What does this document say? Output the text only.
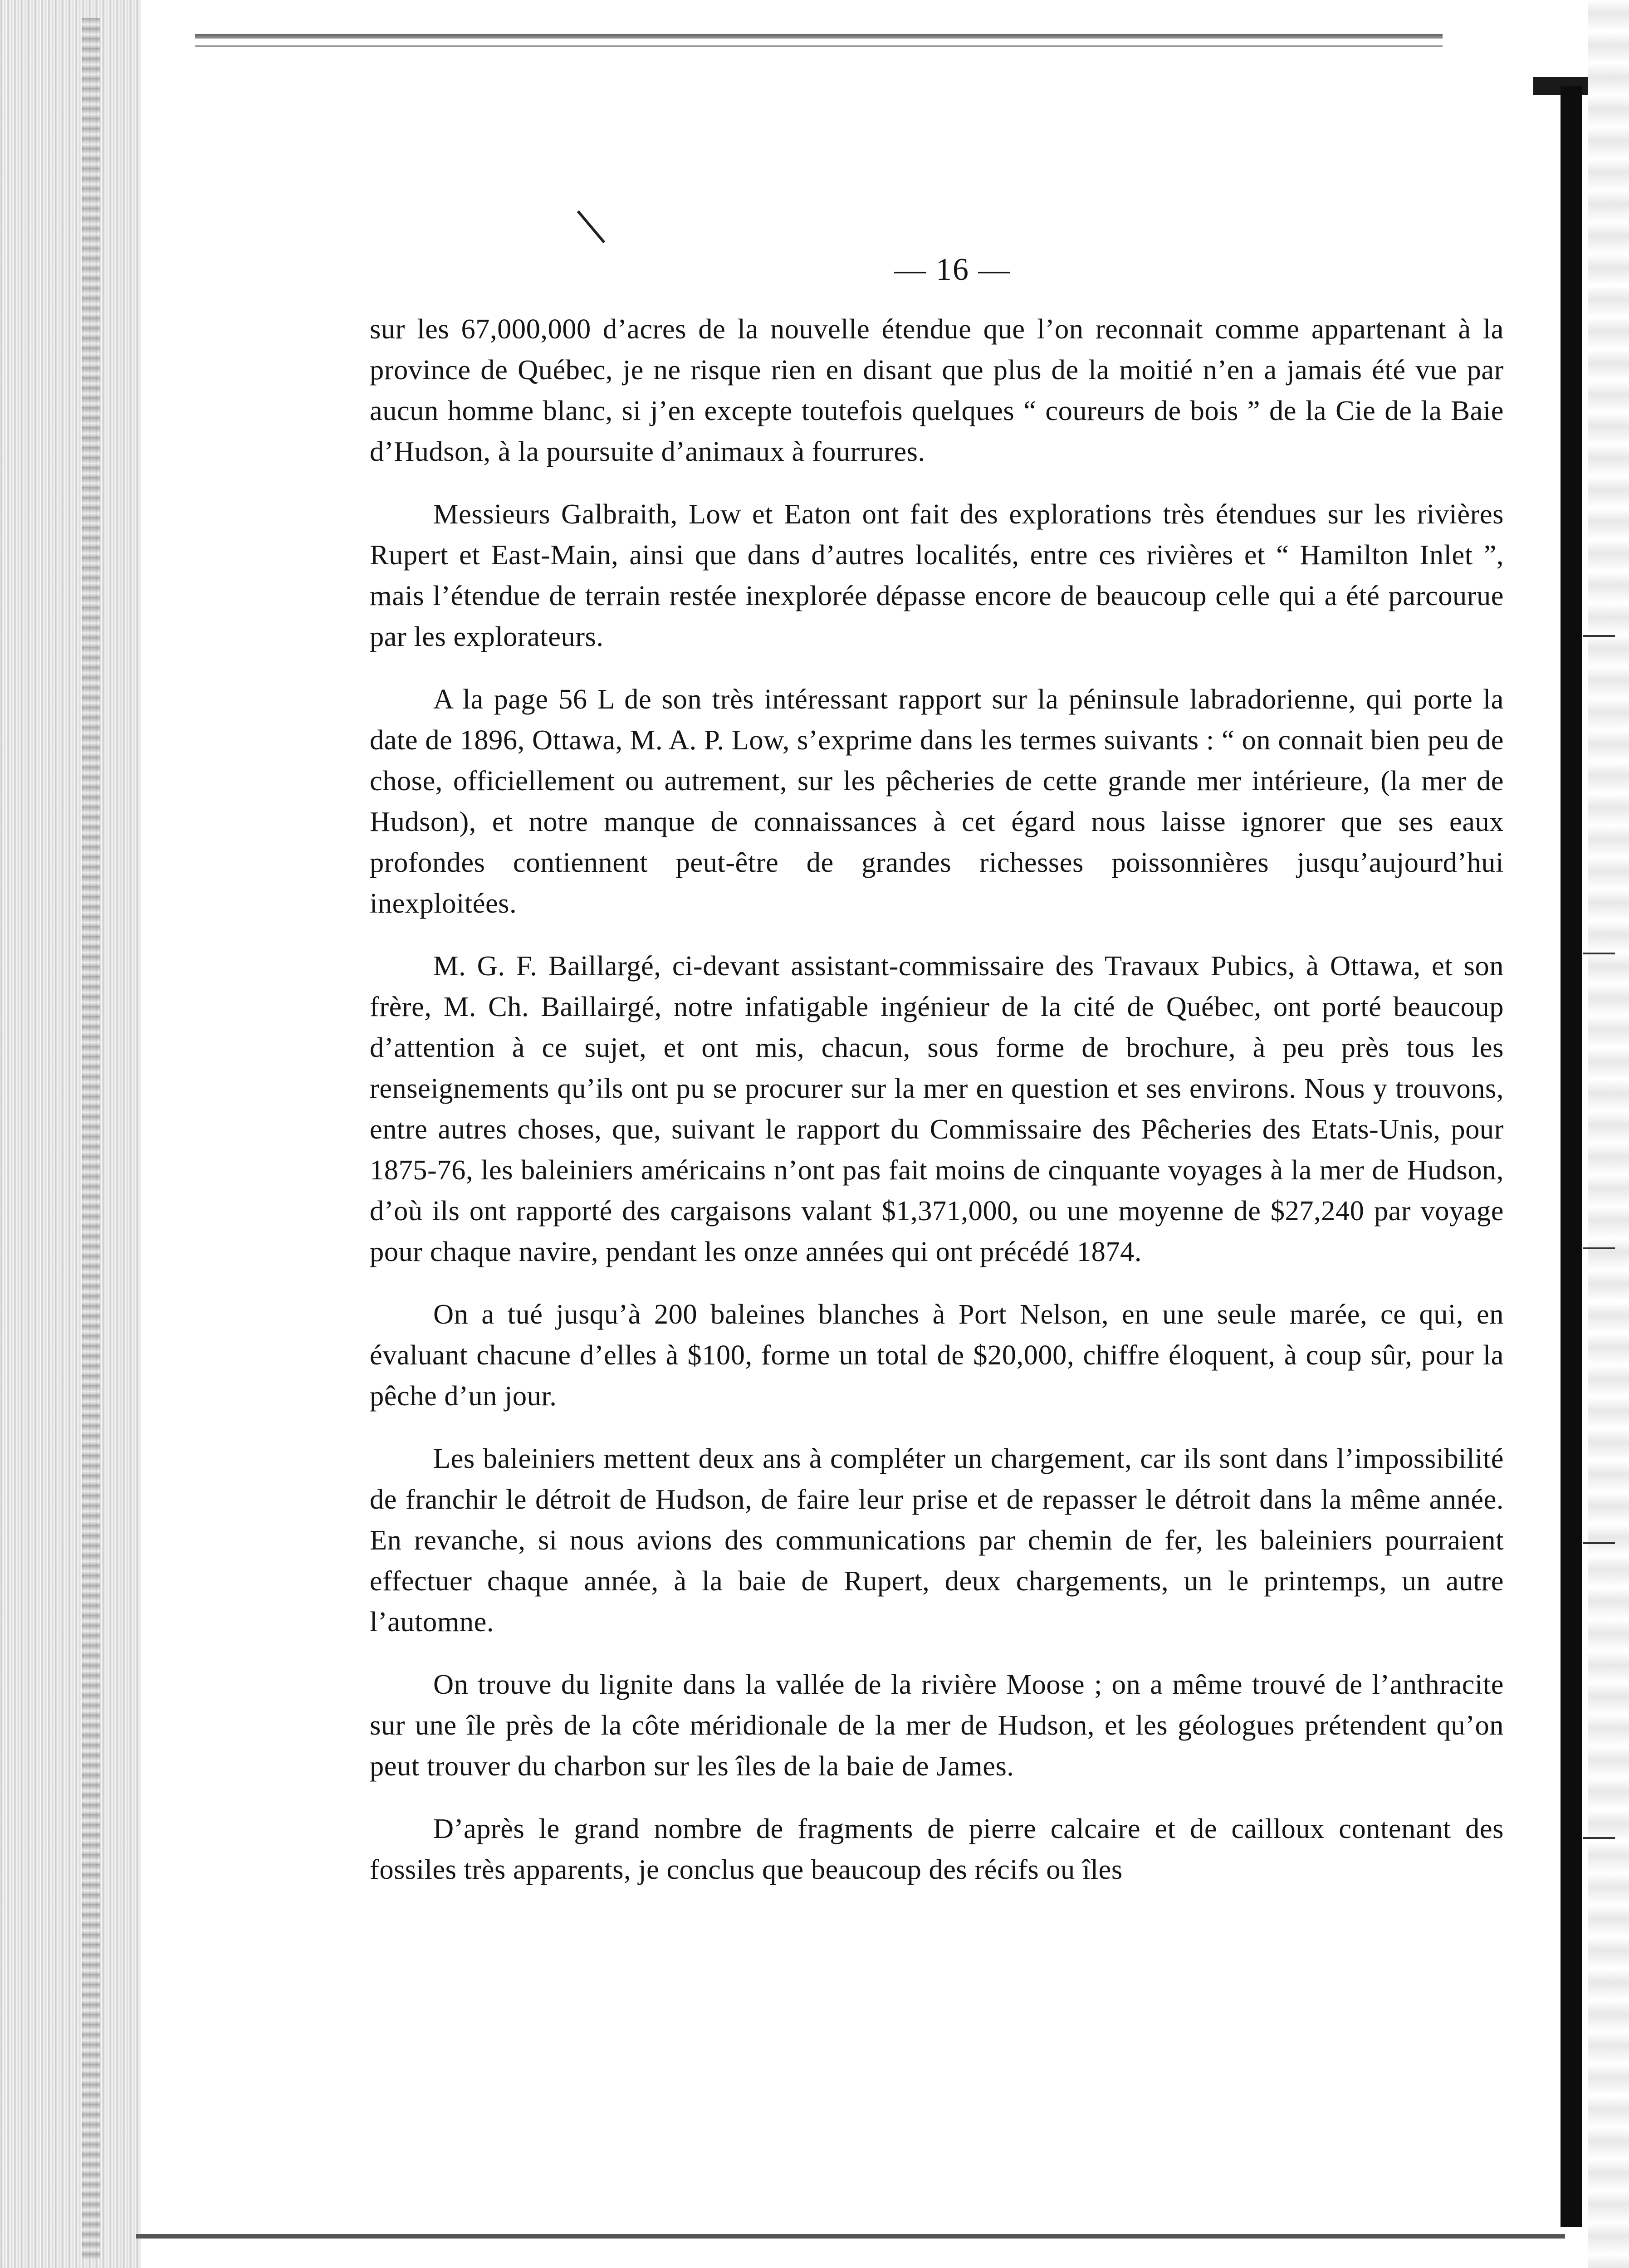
— 16 —

sur les 67,000,000 d’acres de la nouvelle étendue que l’on reconnait comme appartenant à la province de Québec, je ne risque rien en disant que plus de la moitié n’en a jamais été vue par aucun homme blanc, si j’en excepte toutefois quelques “ coureurs de bois ” de la Cie de la Baie d’Hudson, à la poursuite d’animaux à fourrures.

Messieurs Galbraith, Low et Eaton ont fait des explorations très étendues sur les rivières Rupert et East-Main, ainsi que dans d’autres localités, entre ces rivières et “ Hamilton Inlet ”, mais l’étendue de terrain restée inexplorée dépasse encore de beaucoup celle qui a été parcourue par les explorateurs.

A la page 56 L de son très intéressant rapport sur la péninsule labradorienne, qui porte la date de 1896, Ottawa, M. A. P. Low, s’exprime dans les termes suivants : “ on connait bien peu de chose, officiellement ou autrement, sur les pêcheries de cette grande mer intérieure, (la mer de Hudson), et notre manque de connaissances à cet égard nous laisse ignorer que ses eaux profondes contiennent peut-être de grandes richesses poissonnières jusqu’aujourd’hui inexploitées.

M. G. F. Baillargé, ci-devant assistant-commissaire des Travaux Pubics, à Ottawa, et son frère, M. Ch. Baillairgé, notre infatigable ingénieur de la cité de Québec, ont porté beaucoup d’attention à ce sujet, et ont mis, chacun, sous forme de brochure, à peu près tous les renseignements qu’ils ont pu se procurer sur la mer en question et ses environs. Nous y trouvons, entre autres choses, que, suivant le rapport du Commissaire des Pêcheries des Etats-Unis, pour 1875-76, les baleiniers américains n’ont pas fait moins de cinquante voyages à la mer de Hudson, d’où ils ont rapporté des cargaisons valant $1,371,000, ou une moyenne de $27,240 par voyage pour chaque navire, pendant les onze années qui ont précédé 1874.

On a tué jusqu’à 200 baleines blanches à Port Nelson, en une seule marée, ce qui, en évaluant chacune d’elles à $100, forme un total de $20,000, chiffre éloquent, à coup sûr, pour la pêche d’un jour.

Les baleiniers mettent deux ans à compléter un chargement, car ils sont dans l’impossibilité de franchir le détroit de Hudson, de faire leur prise et de repasser le détroit dans la même année. En revanche, si nous avions des communications par chemin de fer, les baleiniers pourraient effectuer chaque année, à la baie de Rupert, deux chargements, un le printemps, un autre l’automne.

On trouve du lignite dans la vallée de la rivière Moose ; on a même trouvé de l’anthracite sur une île près de la côte méridionale de la mer de Hudson, et les géologues prétendent qu’on peut trouver du charbon sur les îles de la baie de James.

D’après le grand nombre de fragments de pierre calcaire et de cailloux contenant des fossiles très apparents, je conclus que beaucoup des récifs ou îles
